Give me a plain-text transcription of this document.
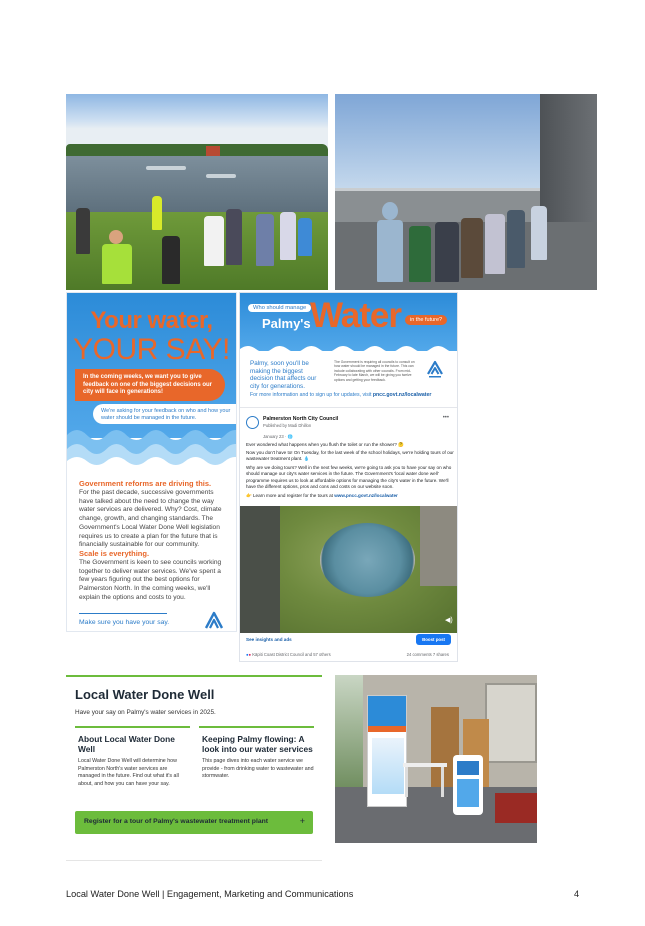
Your water,
YOUR SAY!
In the coming weeks, we want you to give feedback on one of the biggest decisions our city will face in generations!
We're asking for your feedback on who and how your water should be managed in the future.
Government reforms are driving this.
For the past decade, successive governments have talked about the need to change the way water services are delivered. Why? Cost, climate change, growth, and changing standards. The Government's Local Water Done Well legislation requires us to create a plan for the future that is financially sustainable for our community.
Scale is everything.
The Government is keen to see councils working together to deliver water services. We've spent a few years figuring out the best options for Palmerston North. In the coming weeks, we'll explain the options and costs to you.
Make sure you have your say.
Who should manage
Palmy's Water	in the future?
Palmy, soon you'll be making the biggest decision that affects our city for generations.
The Government is requiring all councils to consult on how water should be managed in the future. This can include collaborating with other councils. From mid-February to late March, we will be giving you twelve options and getting your feedback.
For more information and to sign up for updates, visit pncc.govt.nz/localwater
Palmerston North City Council
Published by Madi Dhillon
January 23 · 🌐
•••
Ever wondered what happens when you flush the toilet or run the shower? 🤔
Now you don't have to! On Tuesday, for the last week of the school holidays, we're holding tours of our wastewater treatment plant. 💧
Why are we doing tours? Well in the next few weeks, we're going to ask you to have your say on who should manage our city's water services in the future. The Government's 'local water done well' programme requires us to look at affordable options for managing the city's water in the future. We'll have the different options, pros and cons and costs on our website soon.
👉 Learn more and register for the tours at www.pncc.govt.nz/localwater
◀)
See insights and ads	Boost post
●● Kāpiti Coast District Council and 57 others	24 comments 7 shares
Local Water Done Well
Have your say on Palmy's water services in 2025.
About Local Water Done Well
Local Water Done Well will determine how Palmerston North's water services are managed in the future. Find out what it's all about, and how you can have your say.
Keeping Palmy flowing: A look into our water services
This page dives into each water service we provide - from drinking water to wastewater and stormwater.
Register for a tour of Palmy's wastewater treatment plant	+
Local Water Done Well | Engagement, Marketing and Communications	4
